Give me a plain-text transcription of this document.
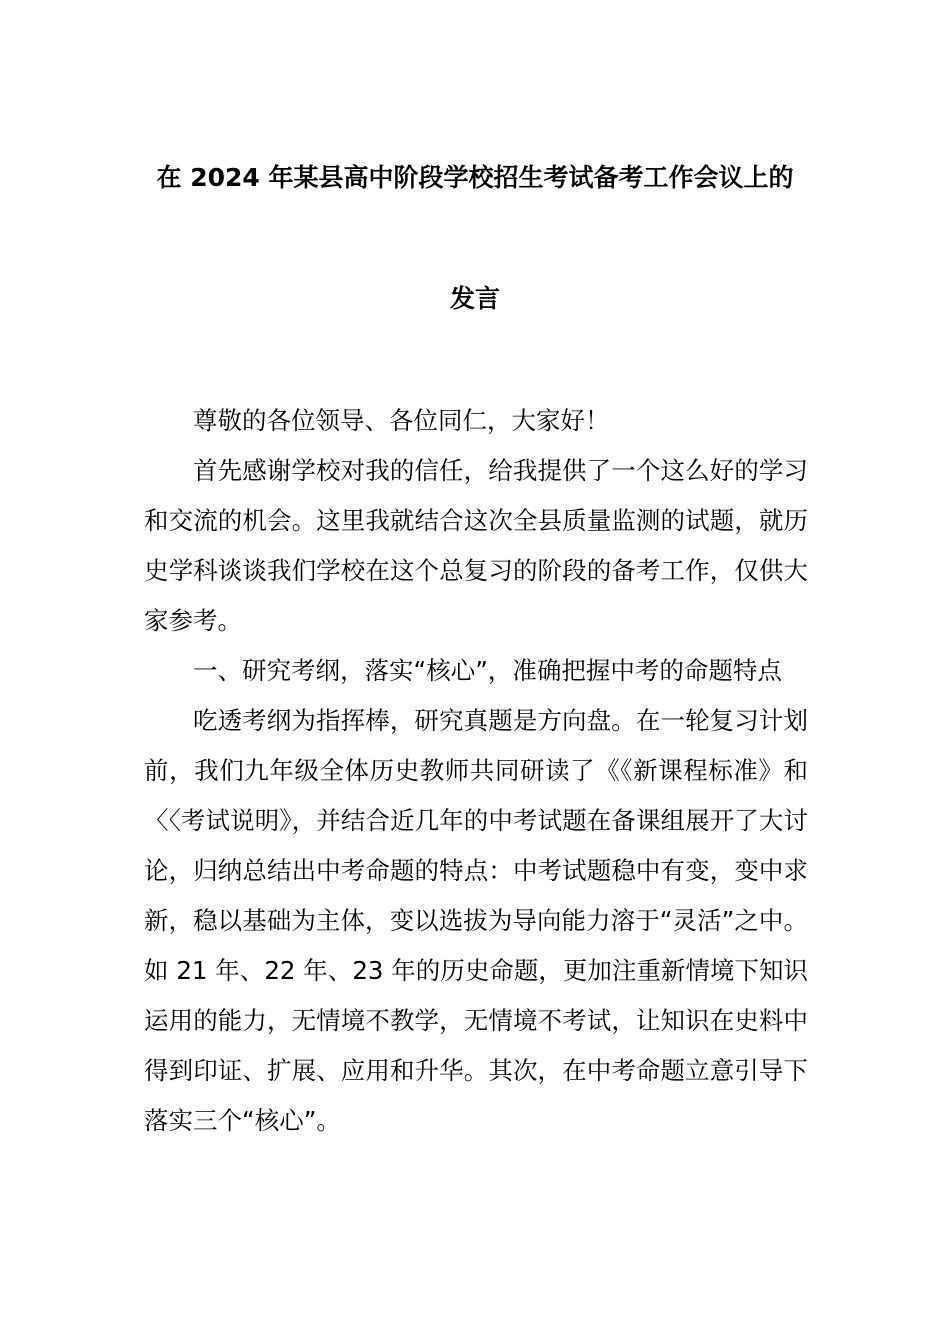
在 2024 年某县高中阶段学校招生考试备考工作会议上的
发言

尊敬的各位领导、各位同仁，大家好！

首先感谢学校对我的信任，给我提供了一个这么好的学习和交流的机会。这里我就结合这次全县质量监测的试题，就历史学科谈谈我们学校在这个总复习的阶段的备考工作，仅供大家参考。

一、研究考纲，落实“核心”，准确把握中考的命题特点

吃透考纲为指挥棒，研究真题是方向盘。在一轮复习计划前，我们九年级全体历史教师共同研读了《《新课程标准》和〈〈考试说明》，并结合近几年的中考试题在备课组展开了大讨论，归纳总结出中考命题的特点：中考试题稳中有变，变中求新，稳以基础为主体，变以选拔为导向能力溶于“灵活”之中。如 21 年、22 年、23 年的历史命题，更加注重新情境下知识运用的能力，无情境不教学，无情境不考试，让知识在史料中得到印证、扩展、应用和升华。其次，在中考命题立意引导下落实三个“核心”。
